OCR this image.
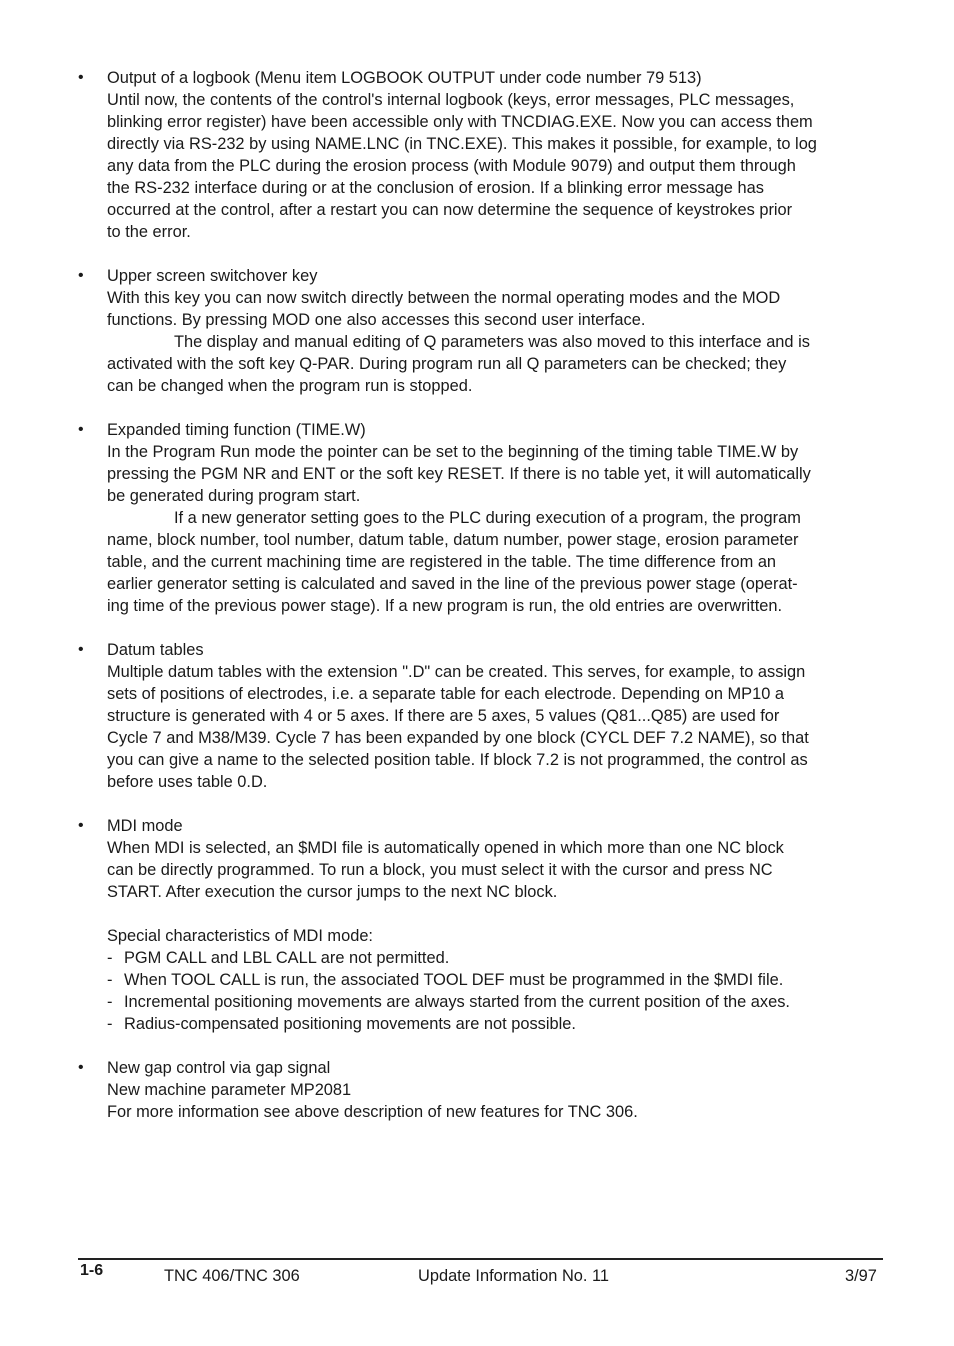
• Output of a logbook (Menu item LOGBOOK OUTPUT under code number 79 513)
Until now, the contents of the control's internal logbook (keys, error messages, PLC messages,
blinking error register) have been accessible only with TNCDIAG.EXE. Now you can access them
directly via RS-232 by using NAME.LNC (in TNC.EXE). This makes it possible, for example, to log
any data from the PLC during the erosion process (with Module 9079) and output them through
the RS-232 interface during or at the conclusion of erosion. If a blinking error message has
occurred at the control, after a restart you can now determine the sequence of keystrokes prior
to the error.
• Upper screen switchover key
With this key you can now switch directly between the normal operating modes and the MOD
functions. By pressing MOD one also accesses this second user interface.
The display and manual editing of Q parameters was also moved to this interface and is
activated with the soft key Q-PAR. During program run all Q parameters can be checked; they
can be changed when the program run is stopped.
• Expanded timing function (TIME.W)
In the Program Run mode the pointer can be set to the beginning of the timing table TIME.W by
pressing the PGM NR and ENT or the soft key RESET. If there is no table yet, it will automatically
be generated during program start.
If a new generator setting goes to the PLC during execution of a program, the program
name, block number, tool number, datum table, datum number, power stage, erosion parameter
table, and the current machining time are registered in the table. The time difference from an
earlier generator setting is calculated and saved in the line of the previous power stage (operat-
ing time of the previous power stage). If a new program is run, the old entries are overwritten.
• Datum tables
Multiple datum tables with the extension ".D" can be created. This serves, for example, to assign
sets of positions of electrodes, i.e. a separate table for each electrode. Depending on MP10 a
structure is generated with 4 or 5 axes. If there are 5 axes, 5 values (Q81...Q85) are used for
Cycle 7 and M38/M39. Cycle 7 has been expanded by one block (CYCL DEF 7.2 NAME), so that
you can give a name to the selected position table. If block 7.2 is not programmed, the control as
before uses table 0.D.
• MDI mode
When MDI is selected, an $MDI file is automatically opened in which more than one NC block
can be directly programmed. To run a block, you must select it with the cursor and press NC
START. After execution the cursor jumps to the next NC block.
Special characteristics of MDI mode:
- PGM CALL and LBL CALL are not permitted.
- When TOOL CALL is run, the associated TOOL DEF must be programmed in the $MDI file.
- Incremental positioning movements are always started from the current position of the axes.
- Radius-compensated positioning movements are not possible.
• New gap control via gap signal
New machine parameter MP2081
For more information see above description of new features for TNC 306.
1-6	TNC 406/TNC 306	Update Information No. 11	3/97
